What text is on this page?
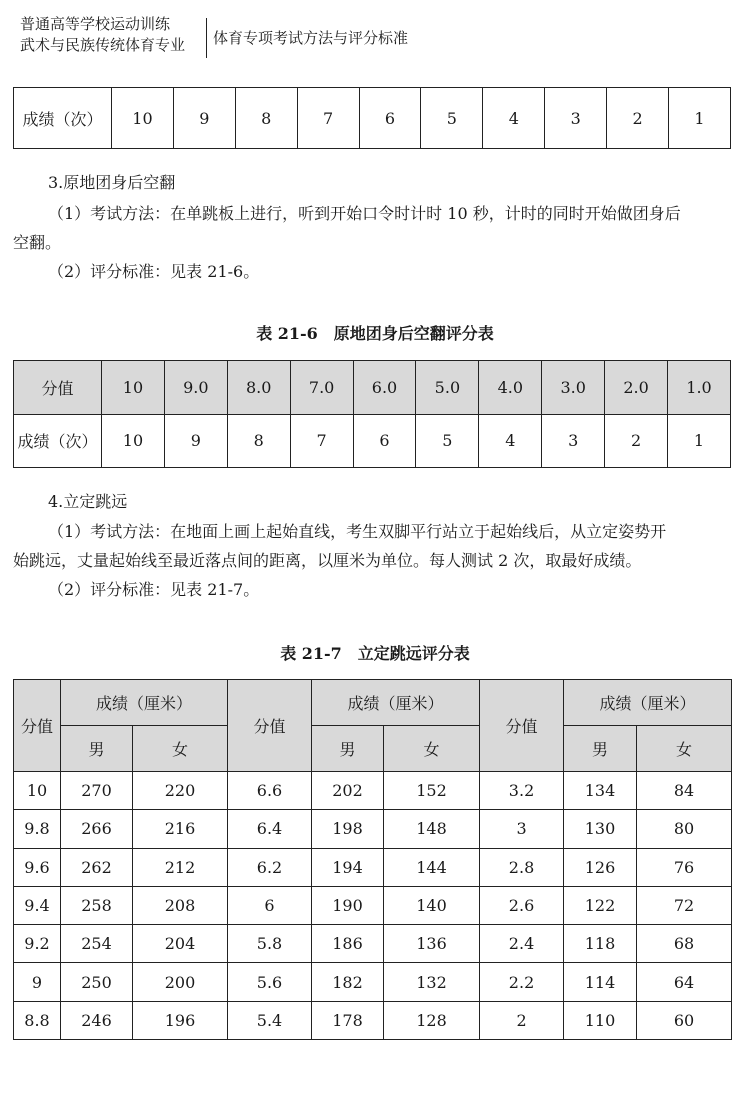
普通高等学校运动训练
武术与民族传统体育专业	体育专项考试方法与评分标准
成绩（次）	10	9	8	7	6	5	4	3	2	1
3.原地团身后空翻
（1）考试方法：在单跳板上进行，听到开始口令时计时 10 秒，计时的同时开始做团身后
空翻。
（2）评分标准：见表 21-6。
表 21-6　原地团身后空翻评分表
分值	10	9.0	8.0	7.0	6.0	5.0	4.0	3.0	2.0	1.0
成绩（次）	10	9	8	7	6	5	4	3	2	1
4.立定跳远
（1）考试方法：在地面上画上起始直线，考生双脚平行站立于起始线后，从立定姿势开
始跳远，丈量起始线至最近落点间的距离，以厘米为单位。每人测试 2 次，取最好成绩。
（2）评分标准：见表 21-7。
表 21-7　立定跳远评分表
分值	成绩（厘米）		分值	成绩（厘米）		分值	成绩（厘米）	
	男	女		男	女		男	女
10	270	220	6.6	202	152	3.2	134	84
9.8	266	216	6.4	198	148	3	130	80
9.6	262	212	6.2	194	144	2.8	126	76
9.4	258	208	6	190	140	2.6	122	72
9.2	254	204	5.8	186	136	2.4	118	68
9	250	200	5.6	182	132	2.2	114	64
8.8	246	196	5.4	178	128	2	110	60
